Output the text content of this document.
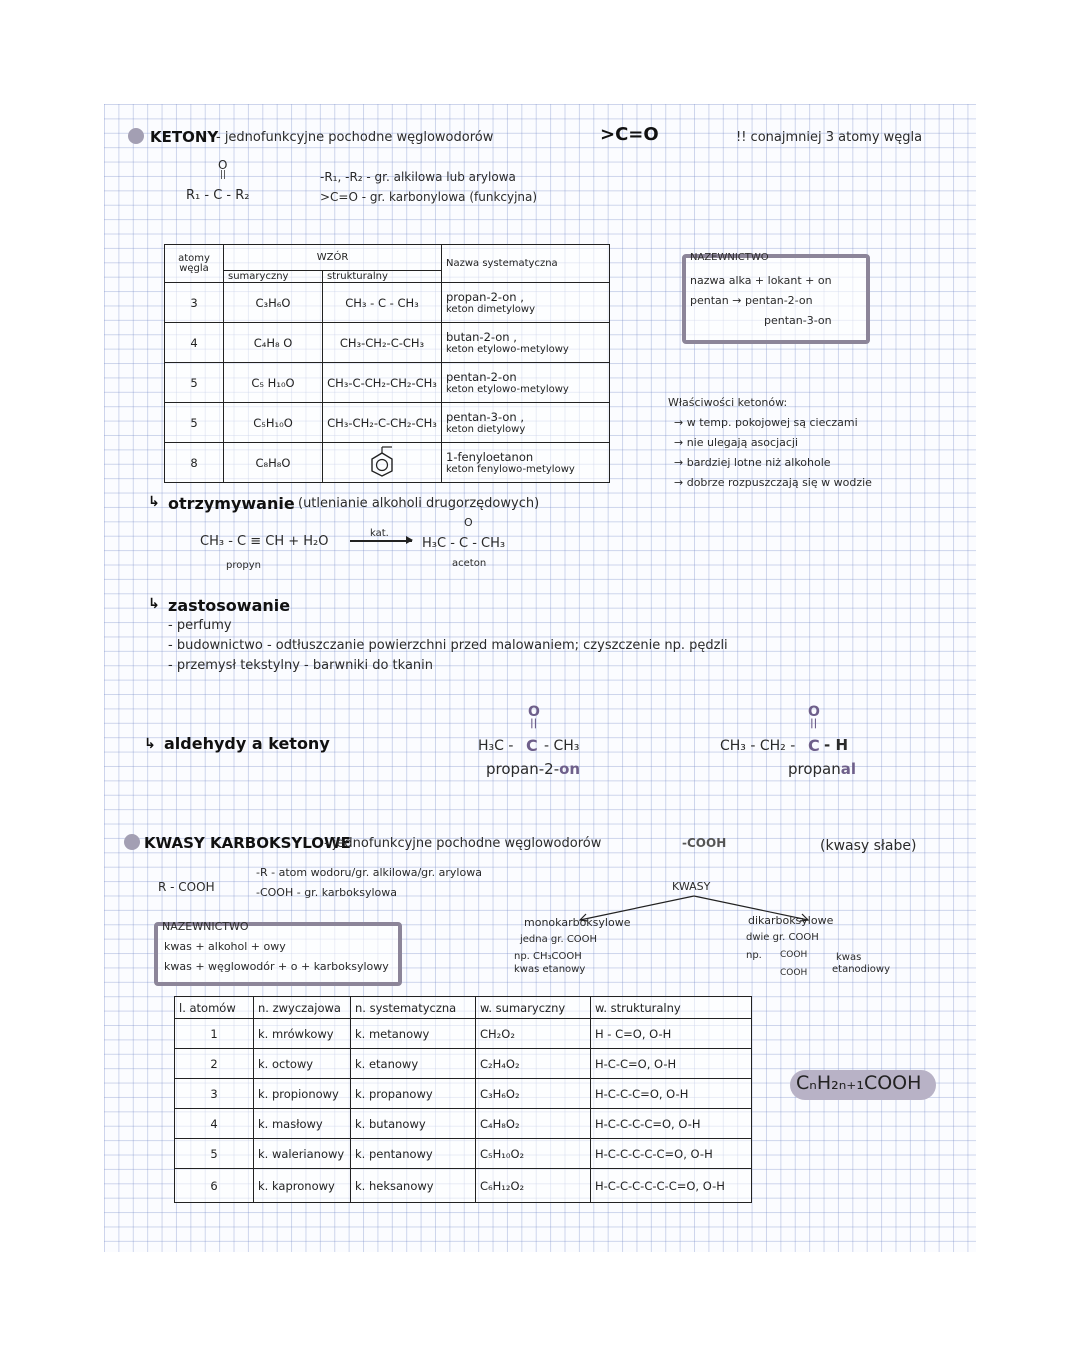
KETONY
- jednofunkcyjne pochodne węglowodorów	>C=O	!! conajmniej 3 atomy węgla
O
||
R₁ - C - R₂
-R₁, -R₂ - gr. alkilowa lub arylowa
>C=O - gr. karbonylowa (funkcyjna)
atomy węgla	WZÓR		Nazwa systematyczna
	sumaryczny	strukturalny	
3	C₃H₆O	CH₃ - C - CH₃	propan-2-on ,
keton dimetylowy

4	C₄H₈ O	CH₃-CH₂-C-CH₃	butan-2-on ,
keton etylowo-metylowy

5	C₅ H₁₀O	CH₃-C-CH₂-CH₂-CH₃	pentan-2-on
keton etylowo-metylowy

5	C₅H₁₀O	CH₃-CH₂-C-CH₂-CH₃	pentan-3-on ,
keton dietylowy

8	C₈H₈O		1-fenyloetanon
keton fenylowo-metylowy
NAZEWNICTWO
nazwa alka + lokant + on
pentan → pentan-2-on
pentan-3-on
Właściwości ketonów:
→ w temp. pokojowej są cieczami
→ nie ulegają asocjacji
→ bardziej lotne niż alkohole
→ dobrze rozpuszczają się w wodzie
↳ otrzymywanie (utlenianie alkoholi drugorzędowych)
CH₃ - C ≡ CH + H₂O
kat.
O
H₃C - C - CH₃
propyn	aceton
↳ zastosowanie
- perfumy
- budownictwo - odtłuszczanie powierzchni przed malowaniem; czyszczenie np. pędzli
- przemysł tekstylny - barwniki do tkanin
↳ aldehydy a ketony
O
||
H₃C - C - CH₃
propan-2-on
O
||
CH₃ - CH₂ - C - H
propanal
KWASY KARBOKSYLOWE
- jednofunkcyjne pochodne węglowodorów	-COOH	(kwasy słabe)
R - COOH
-R - atom wodoru/gr. alkilowa/gr. arylowa
-COOH - gr. karboksylowa
NAZEWNICTWO
kwas + alkohol + owy
kwas + węglowodór + o + karboksylowy
KWASY
monokarboksylowe
jedna gr. COOH
np. CH₃COOH
kwas etanowy
dikarboksylowe
dwie gr. COOH
np. COOH
COOH
kwas
etanodiowy
CₙH₂ₙ₊₁COOH
l. atomów	n. zwyczajowa	n. systematyczna	w. sumaryczny	w. strukturalny
1	k. mrówkowy	k. metanowy	CH₂O₂	H - C=O, O-H
2	k. octowy	k. etanowy	C₂H₄O₂	H-C-C=O, O-H
3	k. propionowy	k. propanowy	C₃H₆O₂	H-C-C-C=O, O-H
4	k. masłowy	k. butanowy	C₄H₈O₂	H-C-C-C-C=O, O-H
5	k. walerianowy	k. pentanowy	C₅H₁₀O₂	H-C-C-C-C-C=O, O-H
6	k. kapronowy	k. heksanowy	C₆H₁₂O₂	H-C-C-C-C-C-C=O, O-H
